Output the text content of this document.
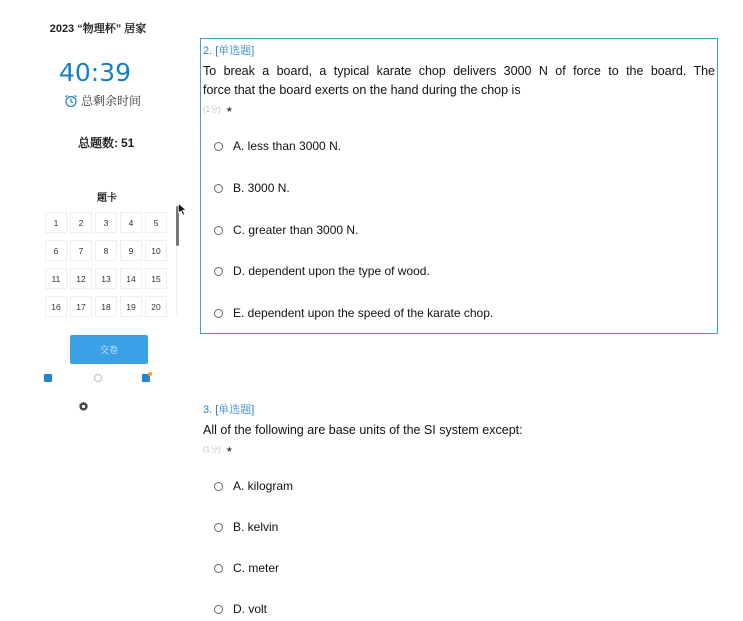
2023 “物理杯” 居家
40:39
总剩余时间
总题数: 51
题卡
1	2	3	4	5
6	7	8	9	10
11	12	13	14	15
16	17	18	19	20
交卷
2. [单选题]
To break a board, a typical karate chop delivers 3000 N of force to the board. The
force that the board exerts on the hand during the chop is
(1分) ★
A. less than 3000 N.
B. 3000 N.
C. greater than 3000 N.
D. dependent upon the type of wood.
E. dependent upon the speed of the karate chop.
3. [单选题]
All of the following are base units of the SI system except:
(1分) ★
A. kilogram
B. kelvin
C. meter
D. volt
